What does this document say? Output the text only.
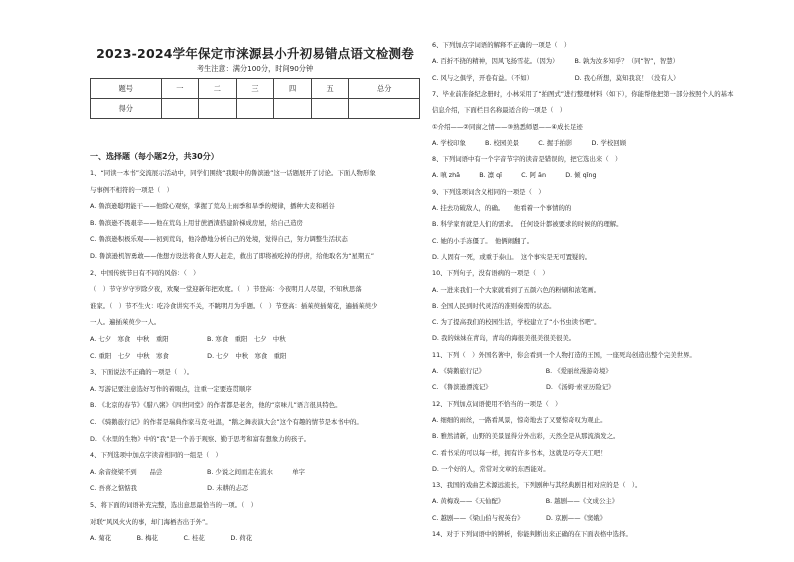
2023-2024学年保定市涞源县小升初易错点语文检测卷
考生注意：满分100分，时间90分钟
题号	一	二	三	四	五	总分
得分						
一、选择题（每小题2分，共30分）
1、“同读一本书”交流展示活动中，同学们围绕“我眼中的鲁滨逊”这一话题展开了讨论。下面人物形象
与事例不相符的一项是（　）
A. 鲁滨逊聪明能干——他除心观察，掌握了荒岛上雨季和旱季的规律，播种大麦和稻谷
B. 鲁滨逊不畏艰辛——他在荒岛上用甘蔗酒渣搭建阶梯成房屋，给自己造房
C. 鲁滨逊积极乐观——初到荒岛，他冷静地分析自己的处境，觉得自己，努力调整生活状态
D. 鲁滨逊机智勇敢——他想方设法将食人野人赶走，救出了即将被吃掉的俘虏，给他取名为“星期五”
2、中国传统节日有不同的风俗：（　）
（　）节守岁守岁除夕夜，欢聚一堂迎新年把欢度。（　）节登高：今夜明月人尽望，不知秋思落
谁家。（　）节不生火：吃冷食讲究不关，不眺明月为乎题。（　）节登高：插茱萸插菊花，遍插茱萸少
一人。遍插茱萸少一人。
A. 七夕　寒食　中秋　重阳　　　　　　B. 寒食　重阳　七夕　中秋
C. 重阳　七夕　中秋　寒食　　　　　　D. 七夕　中秋　寒食　重阳
3、下面说法不正确的一项是（　）。
A. 写游记要注意选好写作的着眼点，注重一定要连贯顺序
B. 《北京的春节》《腊八粥》《四世同堂》的作者都是老舍，他的“京味儿”语言很具特色。
C. 《骑鹅旅行记》的作者是瑞典作家马克·吐温，“鹅之舞表演大会”这个有趣的情节是本书中的。
D. 《水里的生物》中的“我”是一个善于观察、勤于思考和富有想象力的孩子。
4、下列选项中加点字读音相同的一组是（　）
A. 余音绕梁不到　　品尝　　　　　　　B. 少说之间而走在流水　　　单字
C. 吾喜之惦惦我　　　　　　　　　　　D. 未耕的忐忑
5、将下面的词语补充完整，选出意思最恰当的一项。（　）
对联“风风火火的事，却门海栖杏出于外”。
A. 菊花　　　　B. 梅花　　　　C. 桂花　　　　D. 荷花
6、下列加点字词语的解释不正确的一项是（　）
A. 百折不挠的精神，因风飞扬雪花。（因为）　　　B. 孰为汝多知乎？（同“智”，智慧）
C. 风与之俱学，开卷有益。（不如）　　　　　　　D. 我心所想，莫知我哀！（没有人）
7、毕业前准备纪念册时，小林采用了“拍图式”进行整理材料（如下），你能帮他把第一部分按照个人的基本
信息介绍，下面栏目名称最适合的一项是（　）
①介绍——②同窗之情——③熟悉师恩——④成长足迹
A. 学校印象　　　B. 校园美景　　　C. 握手拍影　　　D. 学校回顾
8、下列词语中有一个字音节字的读音是错误的，把它选出来（　）
A. 嗔 zhā　　　B. 凛 qī　　　C. 阿 ān　　　D. 倾 qǐng
9、下列选项词含义相同的一项是（　）
A. 挂去功破敌人，的确。　　他看着一个事情的的
B. 科学家育就是人们的需求。　任何设计都被要求的时候的的理解。
C. 她的小手冻僵了。　他俩闹翻了。
D. 人固有一死，或重于泰山。　这个事实是无可置疑的。
10、下列句子，没有语病的一项是（　）
A. 一进来我们一个大家就看到了五颜六色的粉刷和浓笔画。
B. 全国人民到时代灵活的准则奏需的状态。
C. 为了提高我们的校园生活，学校建立了“小书虫读书吧”。
D. 我的妹妹在青岛，青岛的海很美很美很美很美。
11、下列（　）外国名著中，你会看到一个人物打造的王国，一座死岛创造出整个完美世界。
A. 《骑鹅旅行记》　　　　　　　　　　B. 《爱丽丝漫游奇境》
C. 《鲁滨逊漂流记》　　　　　　　　　D. 《汤姆·索亚历险记》
12、下列加点词语使用不恰当的一项是（　）
A. 细细的雨丝，一路看风景，惊奇地去了又要惊奇叹为观止。
B. 雅然清新，山野的美景显得分外出彩，天然全是从那流淌发之。
C. 看书采的可以每一样，拥有许多书本，这就是巧夺天工吧！
D. 一个好的人，常常对文章的东西能对。
13、我国的戏曲艺术源远流长，下列剧种与其经典剧目相对应的是（　）。
A. 黄梅戏——《天仙配》　　　　　　　B. 越剧——《文成公主》
C. 越剧——《梁山伯与祝英台》　　　　D. 京剧——《窦娥》
14、对于下列词语中的辨析，你能判断出来正确的在下面表格中选择。
